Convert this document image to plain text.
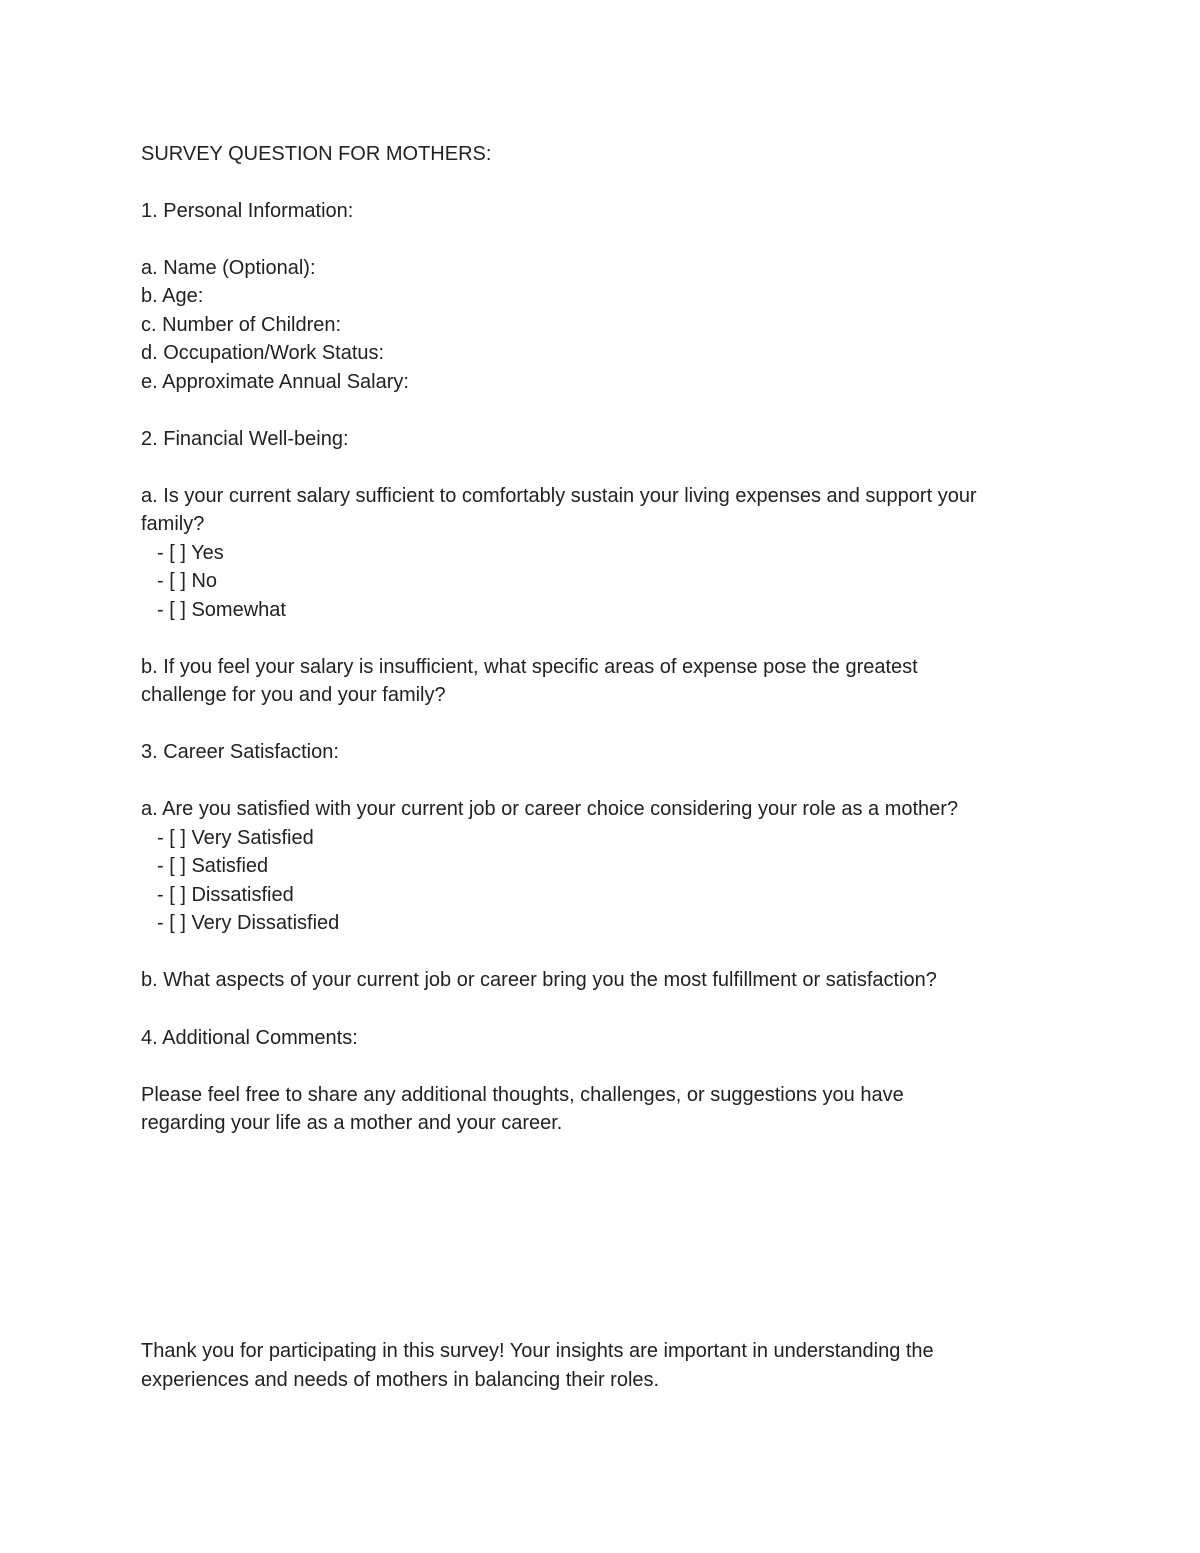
SURVEY QUESTION FOR MOTHERS:

1. Personal Information:

a. Name (Optional):

b. Age:

c. Number of Children:

d. Occupation/Work Status:

e. Approximate Annual Salary:

2. Financial Well-being:

a. Is your current salary sufficient to comfortably sustain your living expenses and support your

family?

- [ ] Yes

- [ ] No

- [ ] Somewhat

b. If you feel your salary is insufficient, what specific areas of expense pose the greatest

challenge for you and your family?

3. Career Satisfaction:

a. Are you satisfied with your current job or career choice considering your role as a mother?

- [ ] Very Satisfied

- [ ] Satisfied

- [ ] Dissatisfied

- [ ] Very Dissatisfied

b. What aspects of your current job or career bring you the most fulfillment or satisfaction?

4. Additional Comments:

Please feel free to share any additional thoughts, challenges, or suggestions you have

regarding your life as a mother and your career.

Thank you for participating in this survey! Your insights are important in understanding the

experiences and needs of mothers in balancing their roles.
